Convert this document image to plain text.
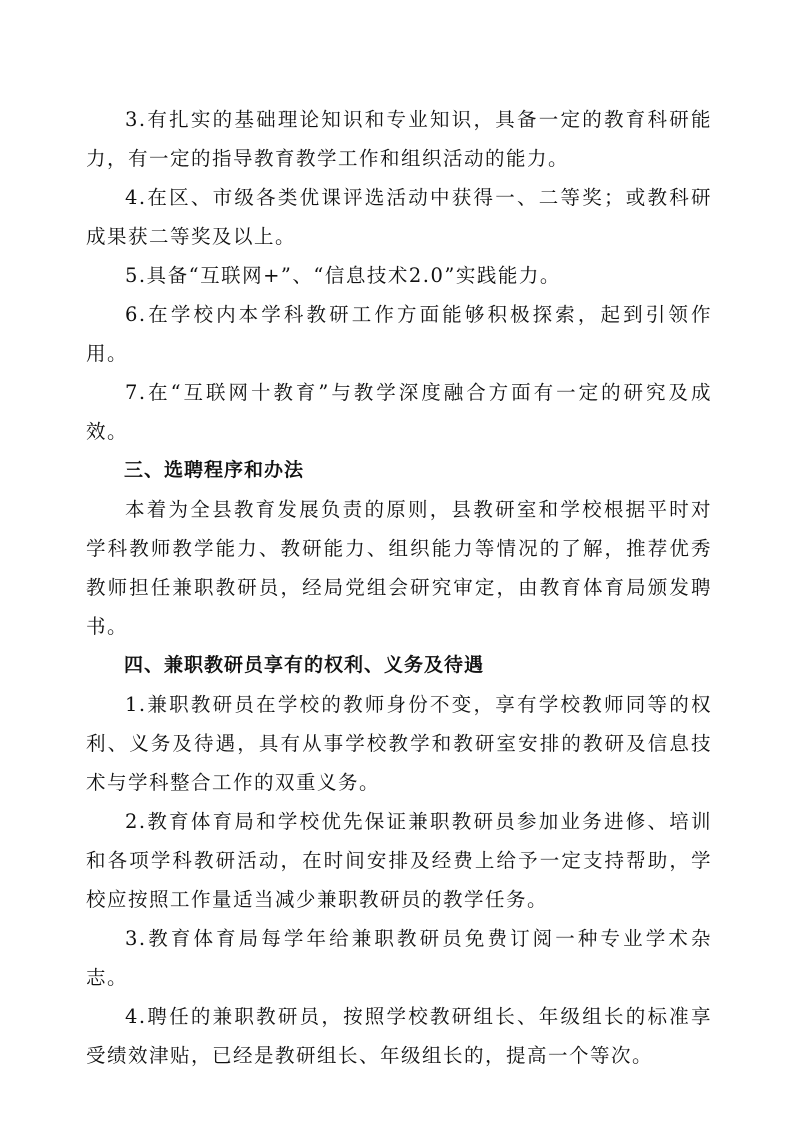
3.有扎实的基础理论知识和专业知识，具备一定的教育科研能力，有一定的指导教育教学工作和组织活动的能力。

4.在区、市级各类优课评选活动中获得一、二等奖；或教科研成果获二等奖及以上。

5.具备“互联网+”、“信息技术2.0”实践能力。

6.在学校内本学科教研工作方面能够积极探索，起到引领作用。

7.在“互联网十教育”与教学深度融合方面有一定的研究及成效。

三、选聘程序和办法

本着为全县教育发展负责的原则，县教研室和学校根据平时对学科教师教学能力、教研能力、组织能力等情况的了解，推荐优秀教师担任兼职教研员，经局党组会研究审定，由教育体育局颁发聘书。

四、兼职教研员享有的权利、义务及待遇

1.兼职教研员在学校的教师身份不变，享有学校教师同等的权利、义务及待遇，具有从事学校教学和教研室安排的教研及信息技术与学科整合工作的双重义务。

2.教育体育局和学校优先保证兼职教研员参加业务进修、培训和各项学科教研活动，在时间安排及经费上给予一定支持帮助，学校应按照工作量适当减少兼职教研员的教学任务。

3.教育体育局每学年给兼职教研员免费订阅一种专业学术杂志。

4.聘任的兼职教研员，按照学校教研组长、年级组长的标准享受绩效津贴，已经是教研组长、年级组长的，提高一个等次。
